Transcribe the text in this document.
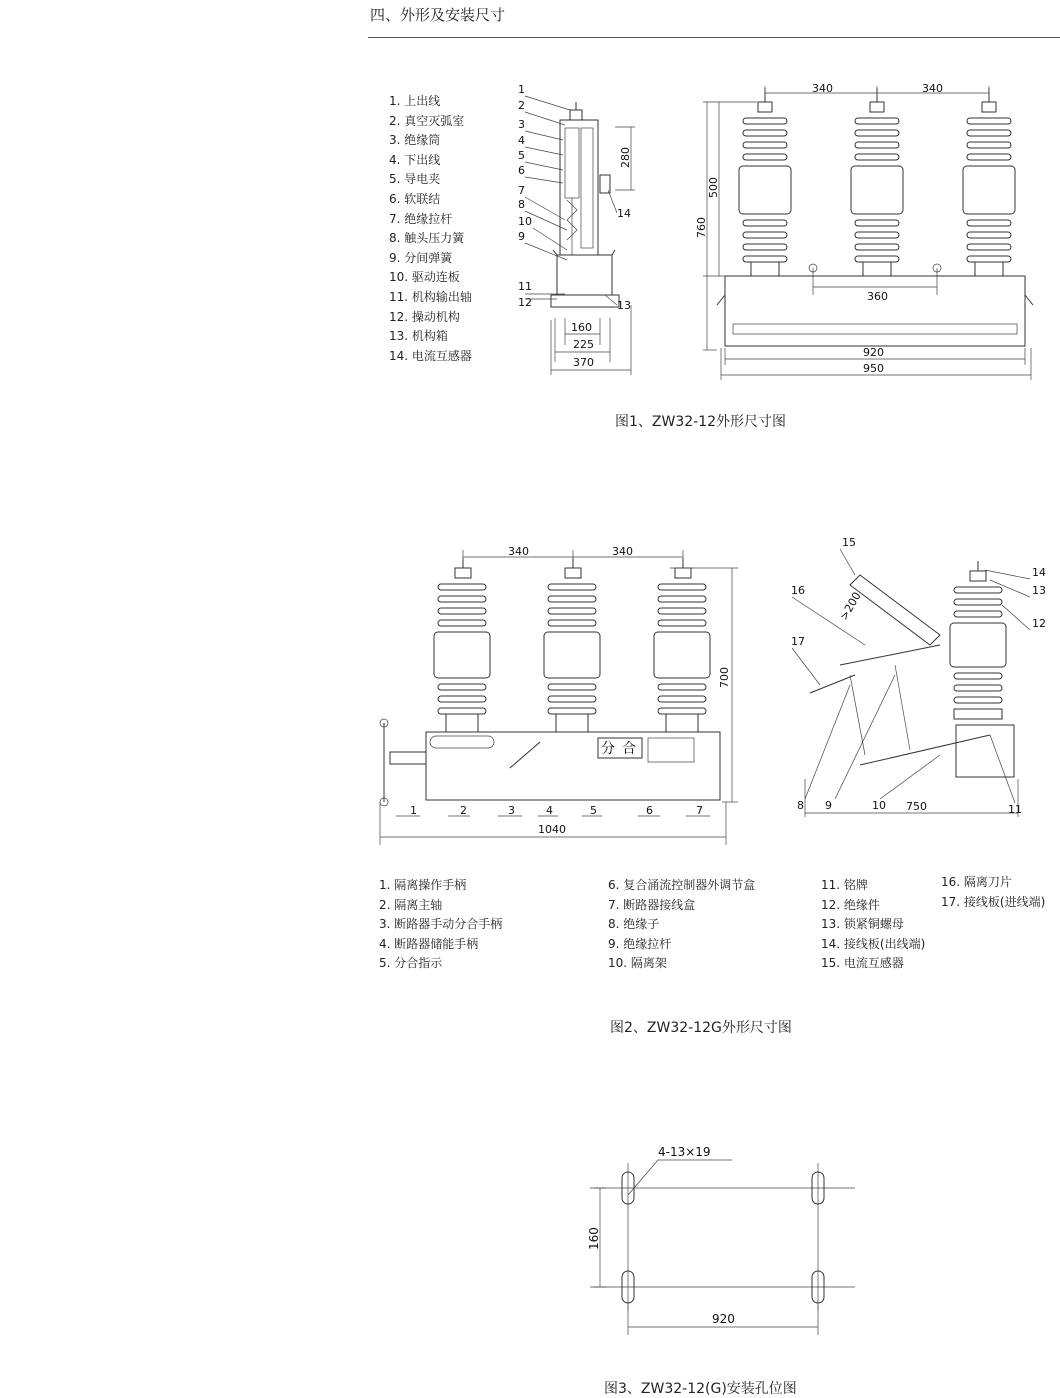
四、外形及安装尺寸
1. 上出线
2. 真空灭弧室
3. 绝缘筒
4. 下出线
5. 导电夹
6. 软联结
7. 绝缘拉杆
8. 触头压力簧
9. 分间弹簧
10. 驱动连板
11. 机构输出轴
12. 操动机构
13. 机构箱
14. 电流互感器
1
2
3
4
5
6
7
8
10
9
11
12	13
14
280
160
225
370
340	340
500
760
360
920
950
图1、ZW32-12外形尺寸图
分 合
340	340
700
1040
1	2	3	4	5	6	7	750
>200
15
16
17
14
13
12
8 9	10	11
1. 隔离操作手柄
2. 隔离主轴
3. 断路器手动分合手柄
4. 断路器储能手柄
5. 分合指示
6. 复合涌流控制器外调节盒
7. 断路器接线盒
8. 绝缘子
9. 绝缘拉杆
10. 隔离架
11. 铭牌
12. 绝缘件
13. 锁紧铜螺母
14. 接线板(出线端)
15. 电流互感器
16. 隔离刀片
17. 接线板(进线端)
图2、ZW32-12G外形尺寸图
4-13×19
160
920
图3、ZW32-12(G)安装孔位图
